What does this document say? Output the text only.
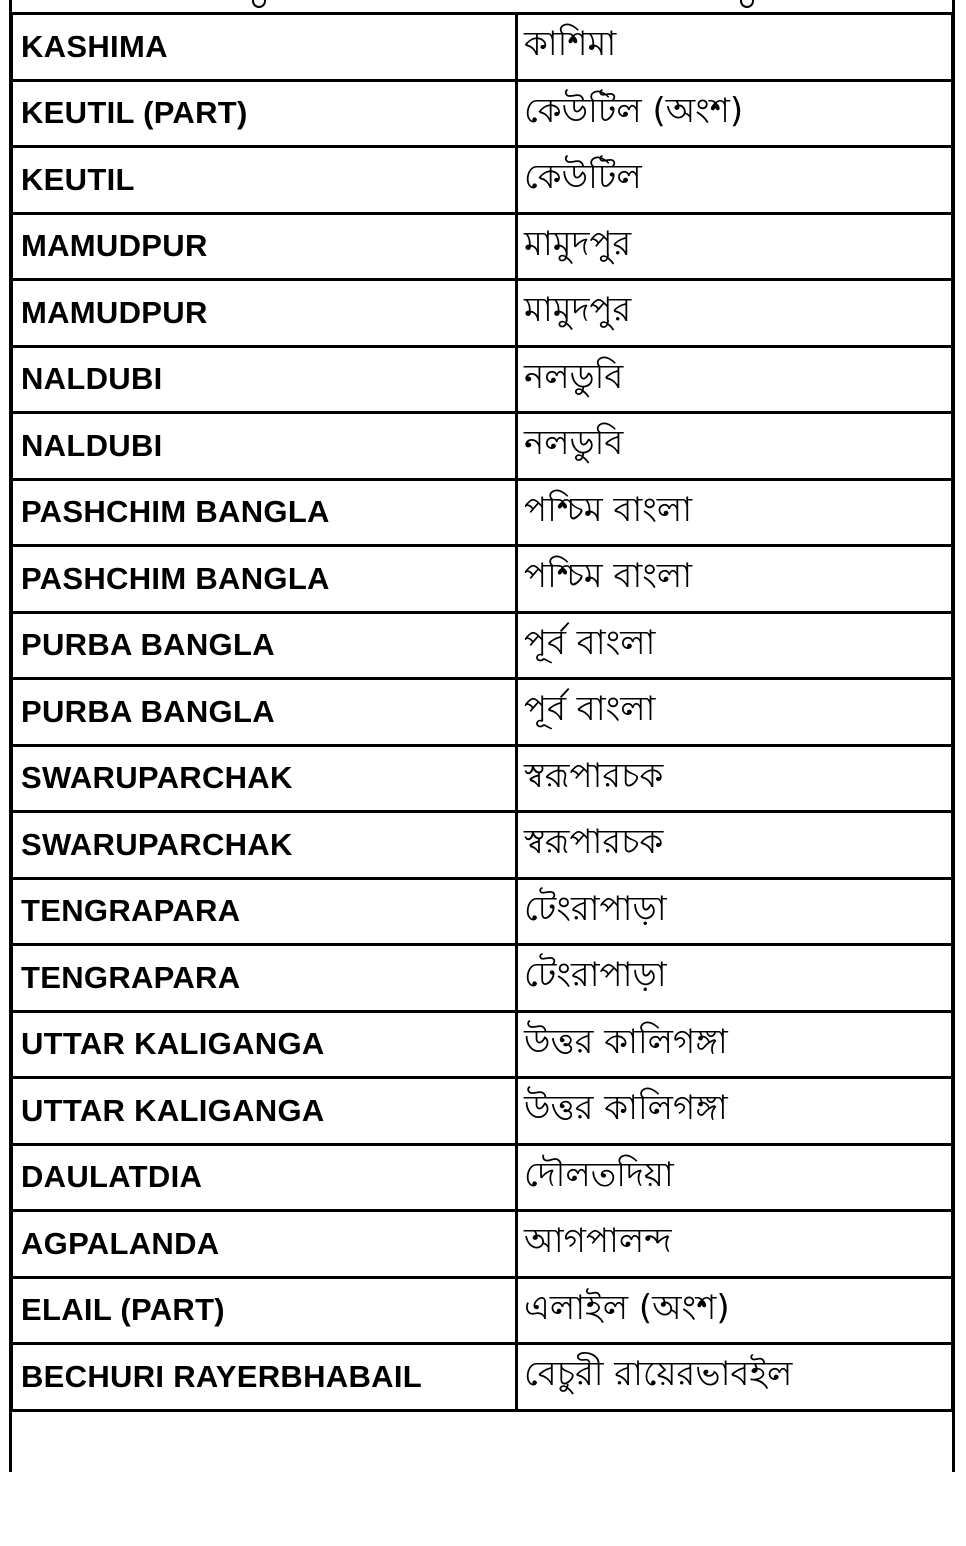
KASHIMA	কাশিমা
KEUTIL (PART)	কেউটিল (অংশ)
KEUTIL	কেউটিল
MAMUDPUR	মামুদপুর
MAMUDPUR	মামুদপুর
NALDUBI	নলডুবি
NALDUBI	নলডুবি
PASHCHIM BANGLA	পশ্চিম বাংলা
PASHCHIM BANGLA	পশ্চিম বাংলা
PURBA BANGLA	পূর্ব বাংলা
PURBA BANGLA	পূর্ব বাংলা
SWARUPARCHAK	স্বরূপারচক
SWARUPARCHAK	স্বরূপারচক
TENGRAPARA	টেংরাপাড়া
TENGRAPARA	টেংরাপাড়া
UTTAR KALIGANGA	উত্তর কালিগঙ্গা
UTTAR KALIGANGA	উত্তর কালিগঙ্গা
DAULATDIA	দৌলতদিয়া
AGPALANDA	আগপালন্দ
ELAIL (PART)	এলাইল (অংশ)
BECHURI RAYERBHABAIL	বেচুরী রায়েরভাবইল
